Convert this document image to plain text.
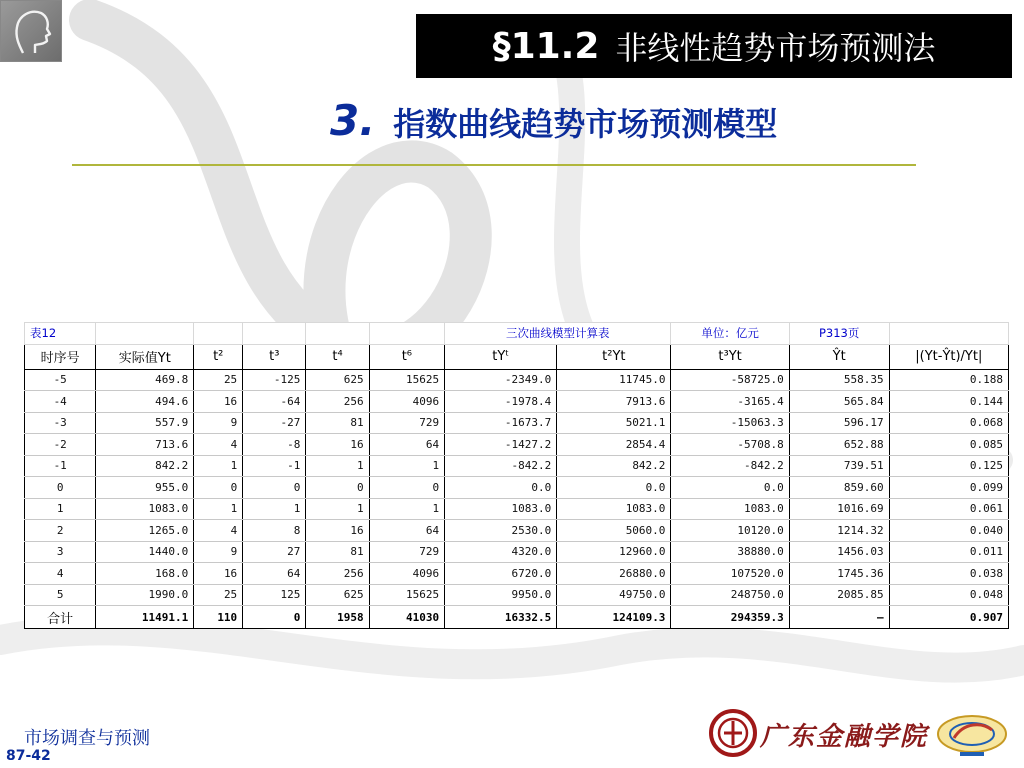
§11.2 非线性趋势市场预测法
3. 指数曲线趋势市场预测模型
表12						三次曲线模型计算表		单位：亿元	P313页	
时序号	实际值Yt	t²	t³	t⁴	t⁶	tYᵗ	t²Yt	t³Yt	Ŷt	|(Yt-Ŷt)/Yt|
-5	469.8	25	-125	625	15625	-2349.0	11745.0	-58725.0	558.35	0.188
-4	494.6	16	-64	256	4096	-1978.4	7913.6	-3165.4	565.84	0.144
-3	557.9	9	-27	81	729	-1673.7	5021.1	-15063.3	596.17	0.068
-2	713.6	4	-8	16	64	-1427.2	2854.4	-5708.8	652.88	0.085
-1	842.2	1	-1	1	1	-842.2	842.2	-842.2	739.51	0.125
0	955.0	0	0	0	0	0.0	0.0	0.0	859.60	0.099
1	1083.0	1	1	1	1	1083.0	1083.0	1083.0	1016.69	0.061
2	1265.0	4	8	16	64	2530.0	5060.0	10120.0	1214.32	0.040
3	1440.0	9	27	81	729	4320.0	12960.0	38880.0	1456.03	0.011
4	168.0	16	64	256	4096	6720.0	26880.0	107520.0	1745.36	0.038
5	1990.0	25	125	625	15625	9950.0	49750.0	248750.0	2085.85	0.048
合计	11491.1	110	0	1958	41030	16332.5	124109.3	294359.3	—	0.907
市场调查与预测
87-42
广东金融学院
